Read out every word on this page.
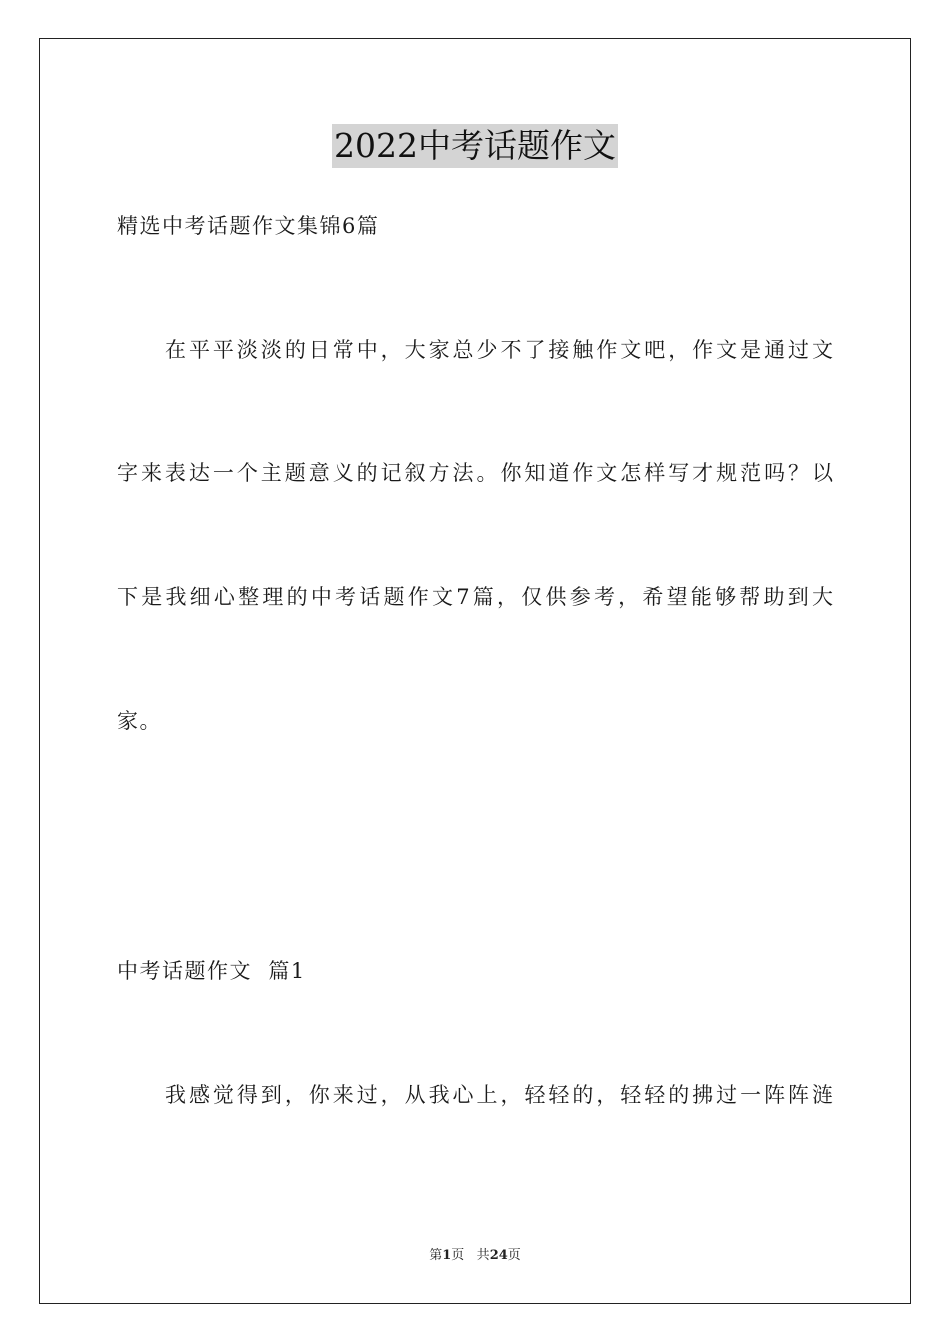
2022中考话题作文
精选中考话题作文集锦6篇
在平平淡淡的日常中，大家总少不了接触作文吧，作文是通过文
字来表达一个主题意义的记叙方法。你知道作文怎样写才规范吗？以
下是我细心整理的中考话题作文7篇，仅供参考，希望能够帮助到大
家。
中考话题作文  篇1
我感觉得到，你来过，从我心上，轻轻的，轻轻的拂过一阵阵涟
第1页 共24页
